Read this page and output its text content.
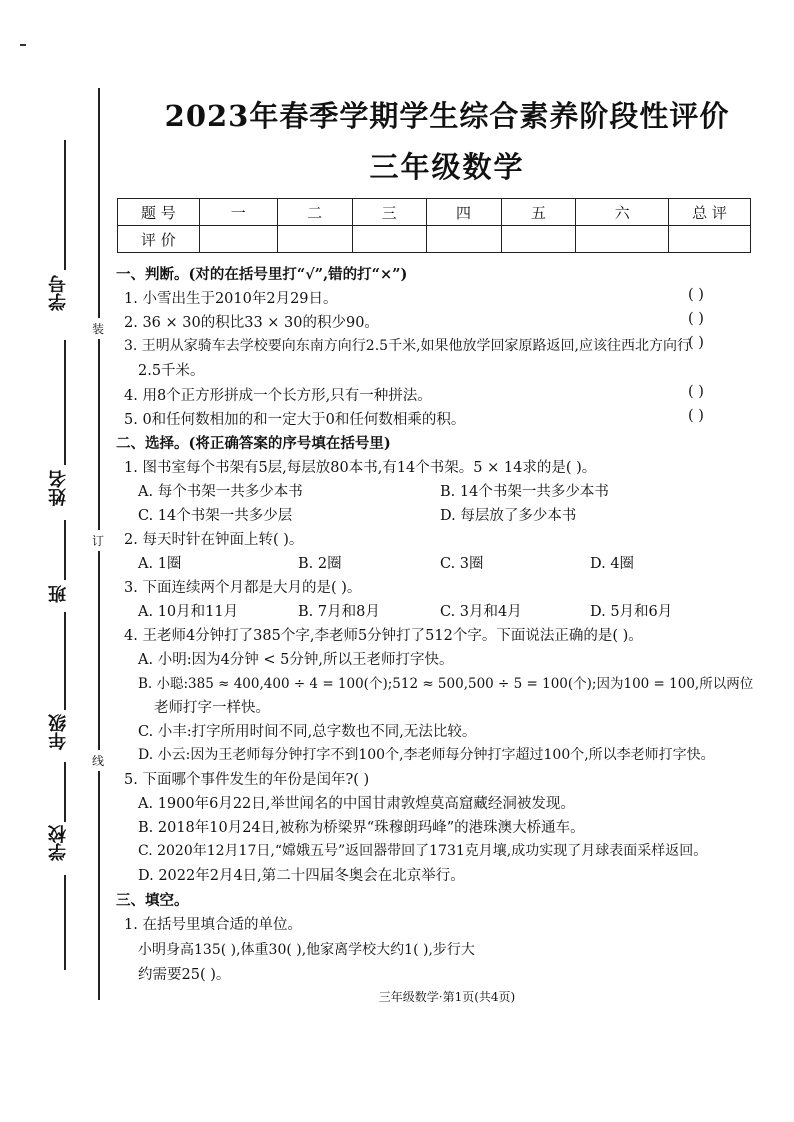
学号
姓名
班
年级
学校
装
订
线
2023年春季学期学生综合素养阶段性评价
三年级数学
题 号	一	二	三	四	五	六	总 评
评 价							
一、判断。(对的在括号里打“√”,错的打“×”)
1. 小雪出生于2010年2月29日。	( )
2. 36 × 30的积比33 × 30的积少90。	( )
3. 王明从家骑车去学校要向东南方向行2.5千米,如果他放学回家原路返回,应该往西北方向行
( )
2.5千米。
4. 用8个正方形拼成一个长方形,只有一种拼法。	( )
5. 0和任何数相加的和一定大于0和任何数相乘的积。	( )
二、选择。(将正确答案的序号填在括号里)
1. 图书室每个书架有5层,每层放80本书,有14个书架。5 × 14求的是( )。
A. 每个书架一共多少本书	B. 14个书架一共多少本书
C. 14个书架一共多少层	D. 每层放了多少本书
2. 每天时针在钟面上转( )。
A. 1圈	B. 2圈	C. 3圈	D. 4圈
3. 下面连续两个月都是大月的是( )。
A. 10月和11月	B. 7月和8月	C. 3月和4月	D. 5月和6月
4. 王老师4分钟打了385个字,李老师5分钟打了512个字。下面说法正确的是( )。
A. 小明:因为4分钟 < 5分钟,所以王老师打字快。
B. 小聪:385 ≈ 400,400 ÷ 4 = 100(个);512 ≈ 500,500 ÷ 5 = 100(个);因为100 = 100,所以两位
老师打字一样快。
C. 小丰:打字所用时间不同,总字数也不同,无法比较。
D. 小云:因为王老师每分钟打字不到100个,李老师每分钟打字超过100个,所以李老师打字快。
5. 下面哪个事件发生的年份是闰年?( )
A. 1900年6月22日,举世闻名的中国甘肃敦煌莫高窟藏经洞被发现。
B. 2018年10月24日,被称为桥梁界“珠穆朗玛峰”的港珠澳大桥通车。
C. 2020年12月17日,“嫦娥五号”返回器带回了1731克月壤,成功实现了月球表面采样返回。
D. 2022年2月4日,第二十四届冬奥会在北京举行。
三、填空。
1. 在括号里填合适的单位。
小明身高135( ),体重30( ),他家离学校大约1( ),步行大
约需要25( )。
三年级数学·第1页(共4页)
